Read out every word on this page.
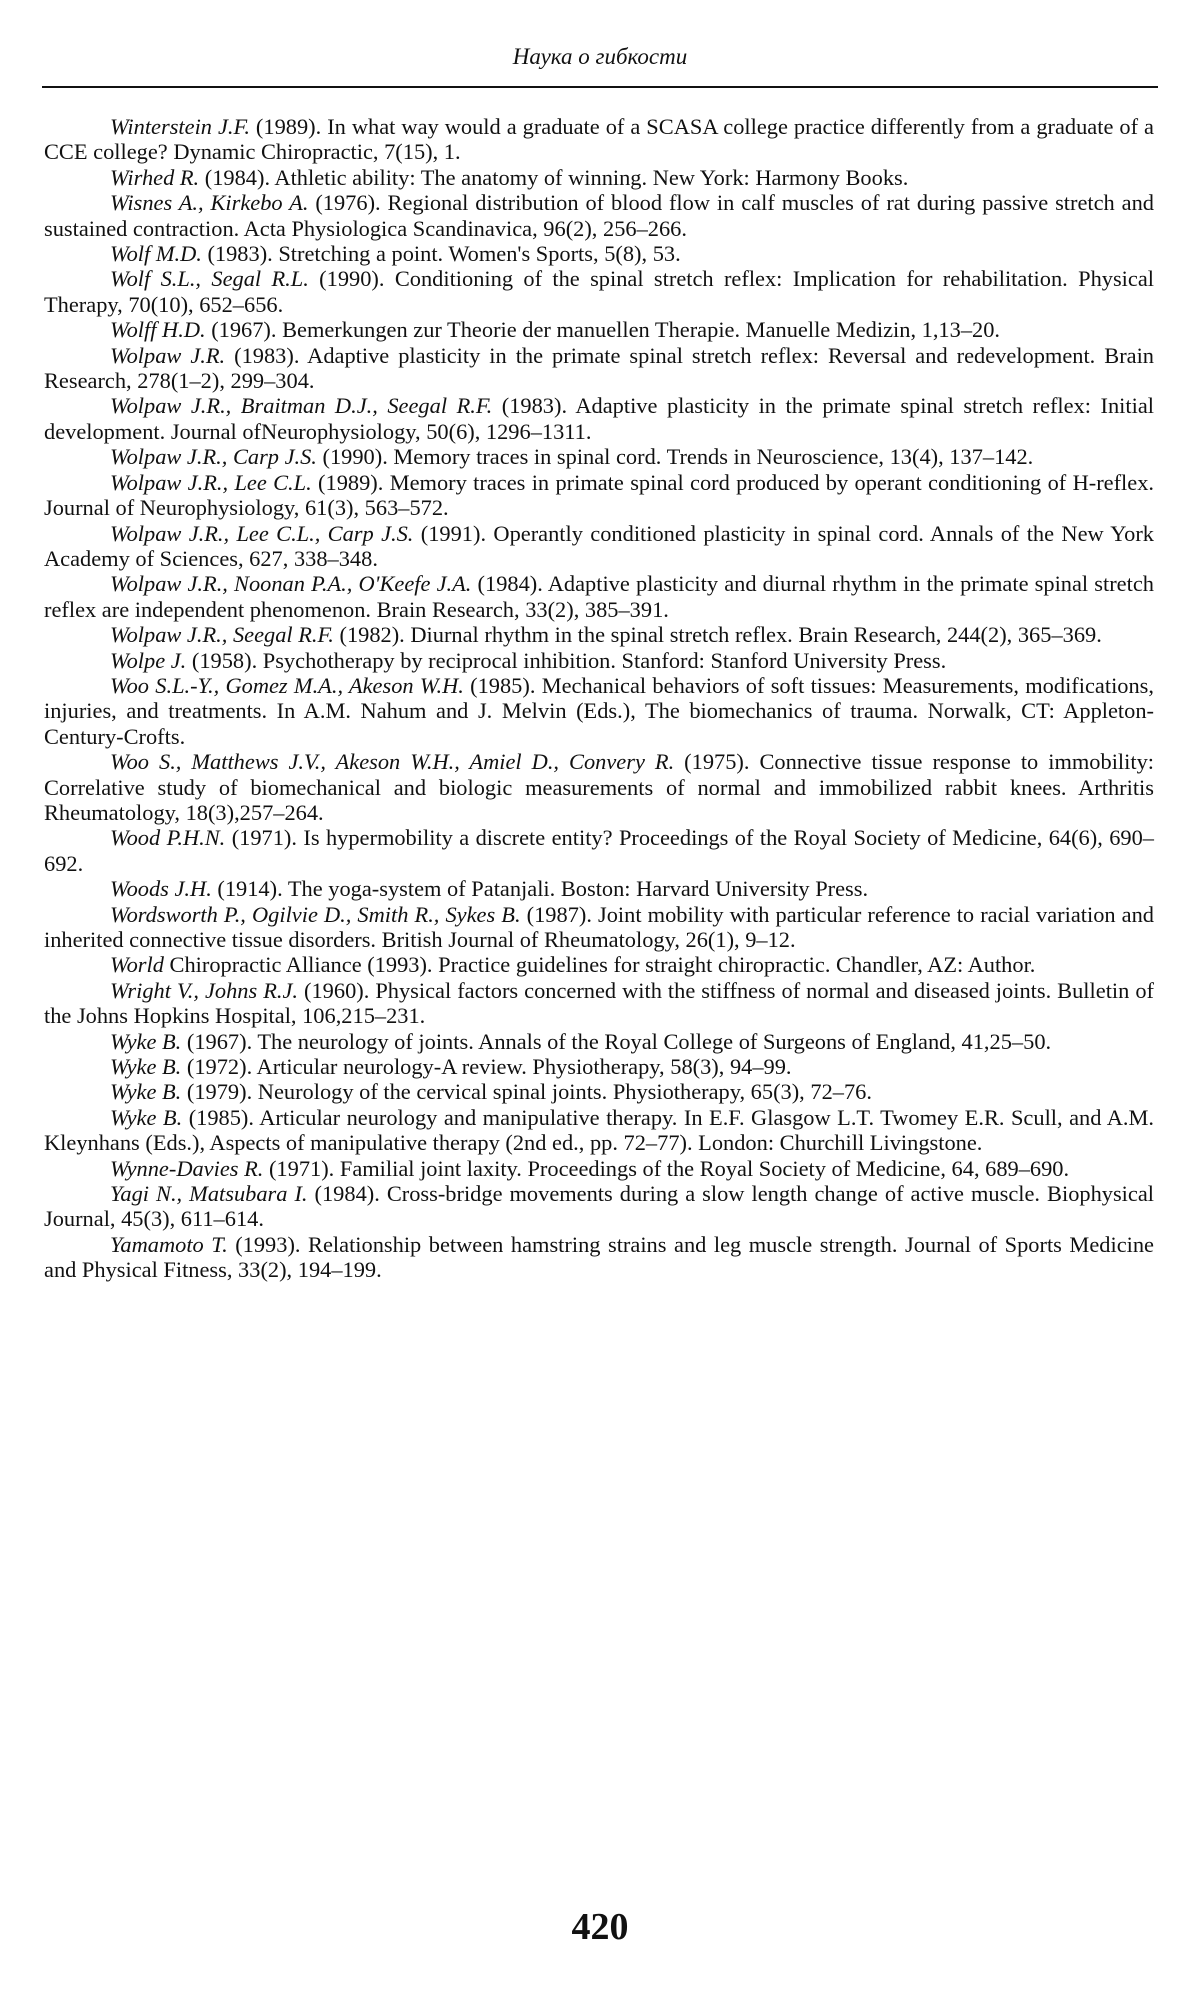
Наука о гибкости

Winterstein J.F. (1989). In what way would a graduate of a SCASA college practice differently from a graduate of a CCE college? Dynamic Chiropractic, 7(15), 1.

Wirhed R. (1984). Athletic ability: The anatomy of winning. New York: Harmony Books.

Wisnes A., Kirkebo A. (1976). Regional distribution of blood flow in calf muscles of rat during passive stretch and sustained contraction. Acta Physiologica Scandinavica, 96(2), 256–266.

Wolf M.D. (1983). Stretching a point. Women's Sports, 5(8), 53.

Wolf S.L., Segal R.L. (1990). Conditioning of the spinal stretch reflex: Implication for rehabilitation. Physical Therapy, 70(10), 652–656.

Wolff H.D. (1967). Bemerkungen zur Theorie der manuellen Therapie. Manuelle Medizin, 1,13–20.

Wolpaw J.R. (1983). Adaptive plasticity in the primate spinal stretch reflex: Reversal and redevelopment. Brain Research, 278(1–2), 299–304.

Wolpaw J.R., Braitman D.J., Seegal R.F. (1983). Adaptive plasticity in the primate spinal stretch reflex: Initial development. Journal ofNeurophysiology, 50(6), 1296–1311.

Wolpaw J.R., Carp J.S. (1990). Memory traces in spinal cord. Trends in Neuroscience, 13(4), 137–142.

Wolpaw J.R., Lee C.L. (1989). Memory traces in primate spinal cord produced by operant conditioning of H-reflex. Journal of Neurophysiology, 61(3), 563–572.

Wolpaw J.R., Lee C.L., Carp J.S. (1991). Operantly conditioned plasticity in spinal cord. Annals of the New York Academy of Sciences, 627, 338–348.

Wolpaw J.R., Noonan P.A., O'Keefe J.A. (1984). Adaptive plasticity and diurnal rhythm in the primate spinal stretch reflex are independent phenomenon. Brain Research, 33(2), 385–391.

Wolpaw J.R., Seegal R.F. (1982). Diurnal rhythm in the spinal stretch reflex. Brain Research, 244(2), 365–369.

Wolpe J. (1958). Psychotherapy by reciprocal inhibition. Stanford: Stanford University Press.

Woo S.L.-Y., Gomez M.A., Akeson W.H. (1985). Mechanical behaviors of soft tissues: Measurements, modifications, injuries, and treatments. In A.M. Nahum and J. Melvin (Eds.), The biomechanics of trauma. Norwalk, CT: Appleton-Century-Crofts.

Woo S., Matthews J.V., Akeson W.H., Amiel D., Convery R. (1975). Connective tissue response to immobility: Correlative study of biomechanical and biologic measurements of normal and immobilized rabbit knees. Arthritis Rheumatology, 18(3),257–264.

Wood P.H.N. (1971). Is hypermobility a discrete entity? Proceedings of the Royal Society of Medicine, 64(6), 690–692.

Woods J.H. (1914). The yoga-system of Patanjali. Boston: Harvard University Press.

Wordsworth P., Ogilvie D., Smith R., Sykes B. (1987). Joint mobility with particular reference to racial variation and inherited connective tissue disorders. British Journal of Rheumatology, 26(1), 9–12.

World Chiropractic Alliance (1993). Practice guidelines for straight chiropractic. Chandler, AZ: Author.

Wright V., Johns R.J. (1960). Physical factors concerned with the stiffness of normal and diseased joints. Bulletin of the Johns Hopkins Hospital, 106,215–231.

Wyke B. (1967). The neurology of joints. Annals of the Royal College of Surgeons of England, 41,25–50.

Wyke B. (1972). Articular neurology-A review. Physiotherapy, 58(3), 94–99.

Wyke B. (1979). Neurology of the cervical spinal joints. Physiotherapy, 65(3), 72–76.

Wyke B. (1985). Articular neurology and manipulative therapy. In E.F. Glasgow L.T. Twomey E.R. Scull, and A.M. Kleynhans (Eds.), Aspects of manipulative therapy (2nd ed., pp. 72–77). London: Churchill Livingstone.

Wynne-Davies R. (1971). Familial joint laxity. Proceedings of the Royal Society of Medicine, 64, 689–690.

Yagi N., Matsubara I. (1984). Cross-bridge movements during a slow length change of active muscle. Biophysical Journal, 45(3), 611–614.

Yamamoto T. (1993). Relationship between hamstring strains and leg muscle strength. Journal of Sports Medicine and Physical Fitness, 33(2), 194–199.

420
